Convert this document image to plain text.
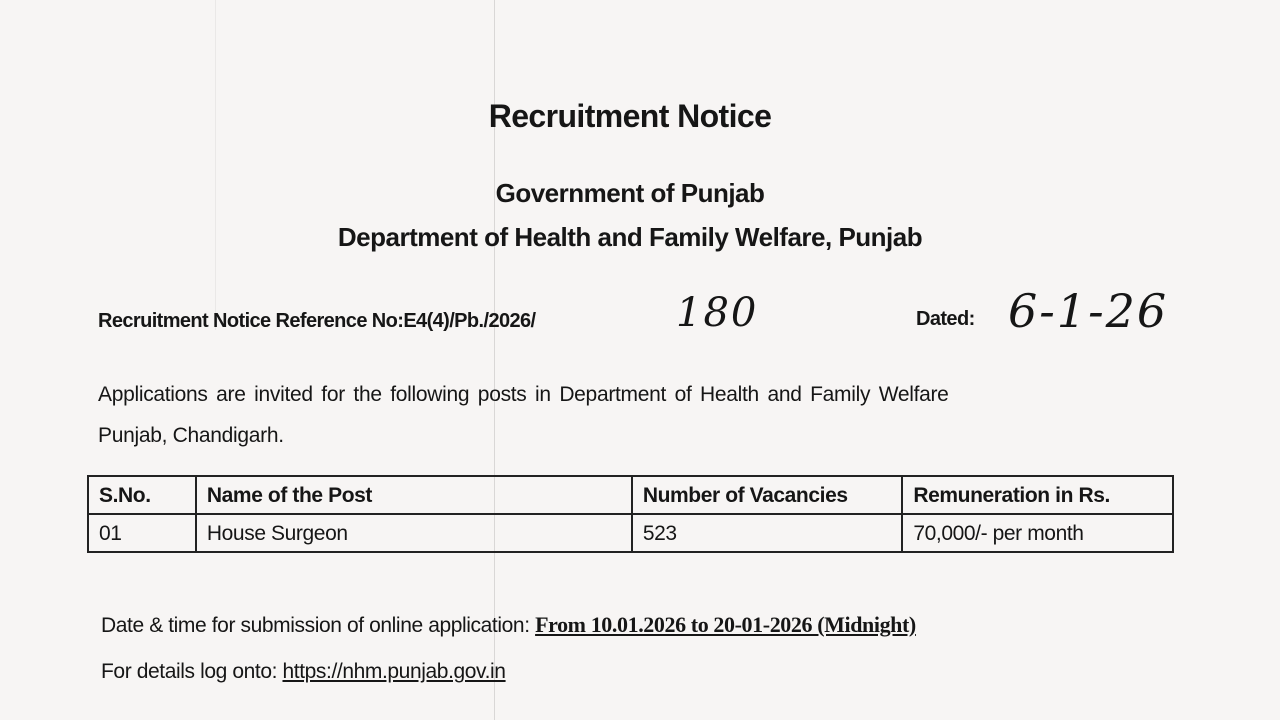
Recruitment Notice
Government of Punjab
Department of Health and Family Welfare, Punjab
Recruitment Notice Reference No:E4(4)/Pb./2026/	180	Dated: 6-1-26
Applications are invited for the following posts in Department of Health and Family Welfare
Punjab, Chandigarh.
S.No.	Name of the Post	Number of Vacancies	Remuneration in Rs.
01	House Surgeon	523	70,000/- per month
Date & time for submission of online application: From 10.01.2026 to 20-01-2026 (Midnight)
For details log onto: https://nhm.punjab.gov.in
